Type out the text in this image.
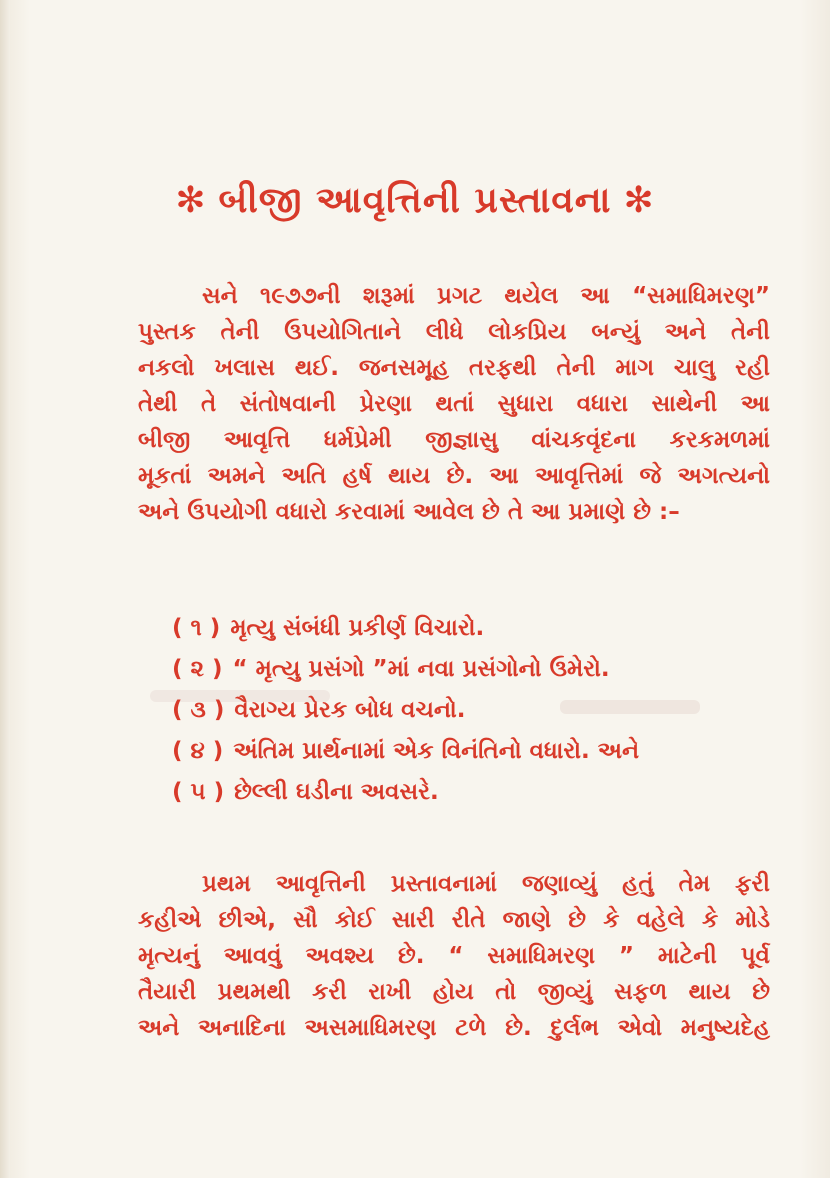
✻ બીજી આવૃત્તિની પ્રસ્તાવના ✻
સને ૧૯૭૭ની શરૂમાં પ્રગટ થયેલ આ “સમાધિમરણ”
પુસ્તક તેની ઉપયોગિતાને લીધે લોકપ્રિય બન્યું અને તેની
નકલો ખલાસ થઈ. જનસમૂહ તરફથી તેની માગ ચાલુ રહી
તેથી તે સંતોષવાની પ્રેરણા થતાં સુધારા વધારા સાથેની આ
બીજી આવૃત્તિ ધર્મપ્રેમી જીજ્ઞાસુ વાંચકવૃંદના કરકમળમાં
મૂકતાં અમને અતિ હર્ષ થાય છે. આ આવૃત્તિમાં જે અગત્યનો
અને ઉપયોગી વધારો કરવામાં આવેલ છે તે આ પ્રમાણે છે :–
( ૧ ) મૃત્યુ સંબંધી પ્રકીર્ણ વિચારો.
( ૨ ) “ મૃત્યુ પ્રસંગો ”માં નવા પ્રસંગોનો ઉમેરો.
( ૩ ) વૈરાગ્ય પ્રેરક બોધ વચનો.
( ૪ ) અંતિમ પ્રાર્થનામાં એક વિનંતિનો વધારો. અને
( ૫ ) છેલ્લી ઘડીના અવસરે.
પ્રથમ આવૃત્તિની પ્રસ્તાવનામાં જણાવ્યું હતું તેમ ફરી
કહીએ છીએ, સૌ કોઈ સારી રીતે જાણે છે કે વહેલે કે મોડે
મૃત્યનું આવવું અવશ્ય છે. “ સમાધિમરણ ” માટેની પૂર્વ
તૈયારી પ્રથમથી કરી રાખી હોય તો જીવ્યું સફળ થાય છે
અને અનાદિના અસમાધિમરણ ટળે છે. દુર્લભ એવો મનુષ્યદેહ
